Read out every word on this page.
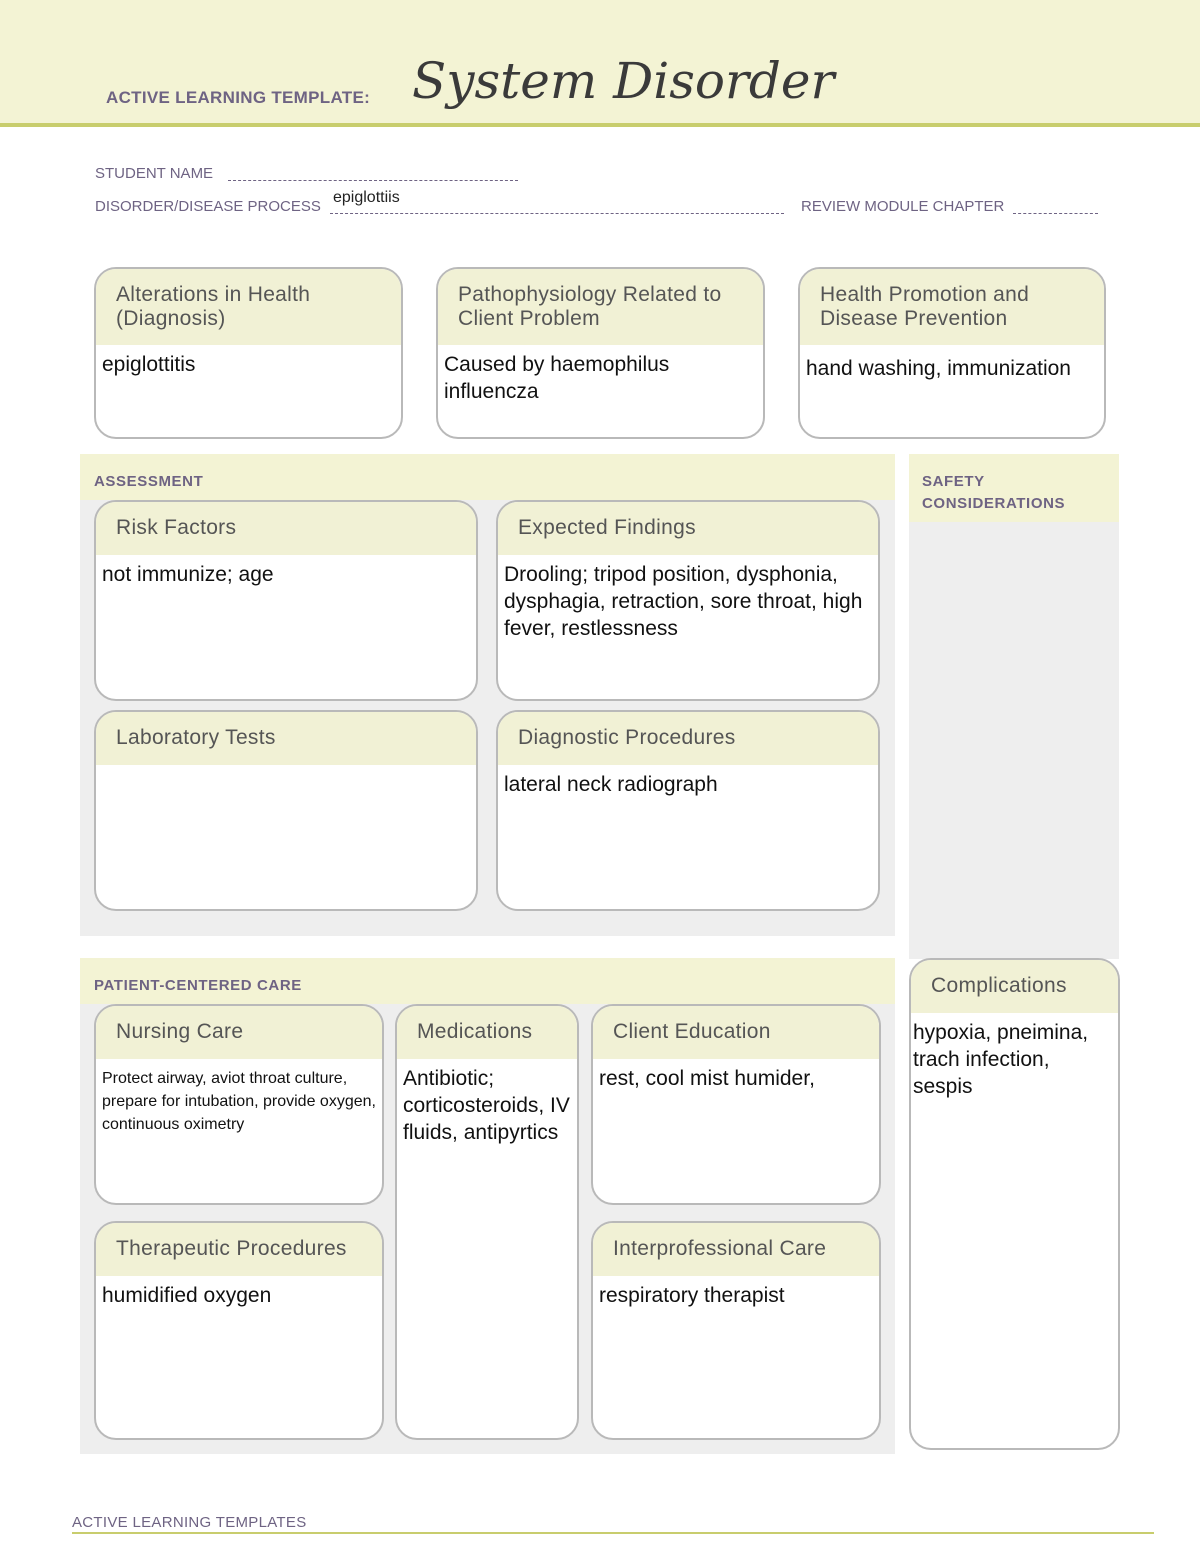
ACTIVE LEARNING TEMPLATE: System Disorder
STUDENT NAME
DISORDER/DISEASE PROCESS
epiglottiis
REVIEW MODULE CHAPTER
Alterations in Health (Diagnosis)
epiglottitis
Pathophysiology Related to Client Problem
Caused by haemophilus influencza
Health Promotion and Disease Prevention
hand washing, immunization
ASSESSMENT
Risk Factors
not immunize; age
Expected Findings
Drooling; tripod position, dysphonia, dysphagia, retraction, sore throat, high fever, restlessness
Laboratory Tests	Diagnostic Procedures
lateral neck radiograph
SAFETY CONSIDERATIONS
Complications
hypoxia, pneimina, trach infection, sespis
PATIENT-CENTERED CARE
Nursing Care
Protect airway, aviot throat culture, prepare for intubation, provide oxygen, continuous oximetry
Medications
Antibiotic; corticosteroids, IV fluids, antipyrtics
Client Education
rest, cool mist humider,
Therapeutic Procedures
humidified oxygen
Interprofessional Care
respiratory therapist
ACTIVE LEARNING TEMPLATES
